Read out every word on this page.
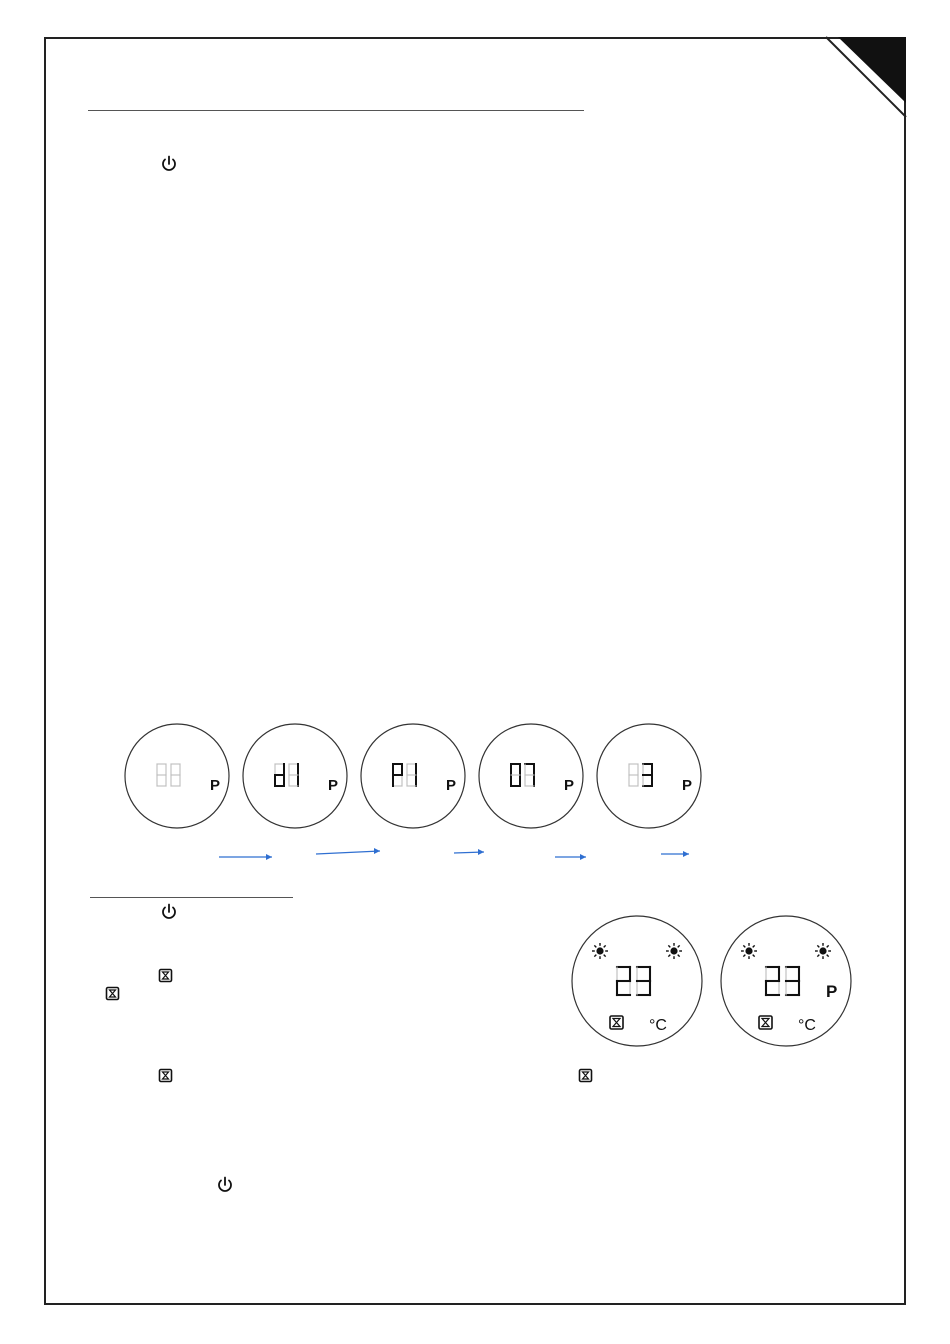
P	P	P	P	P
°C
P
°C
